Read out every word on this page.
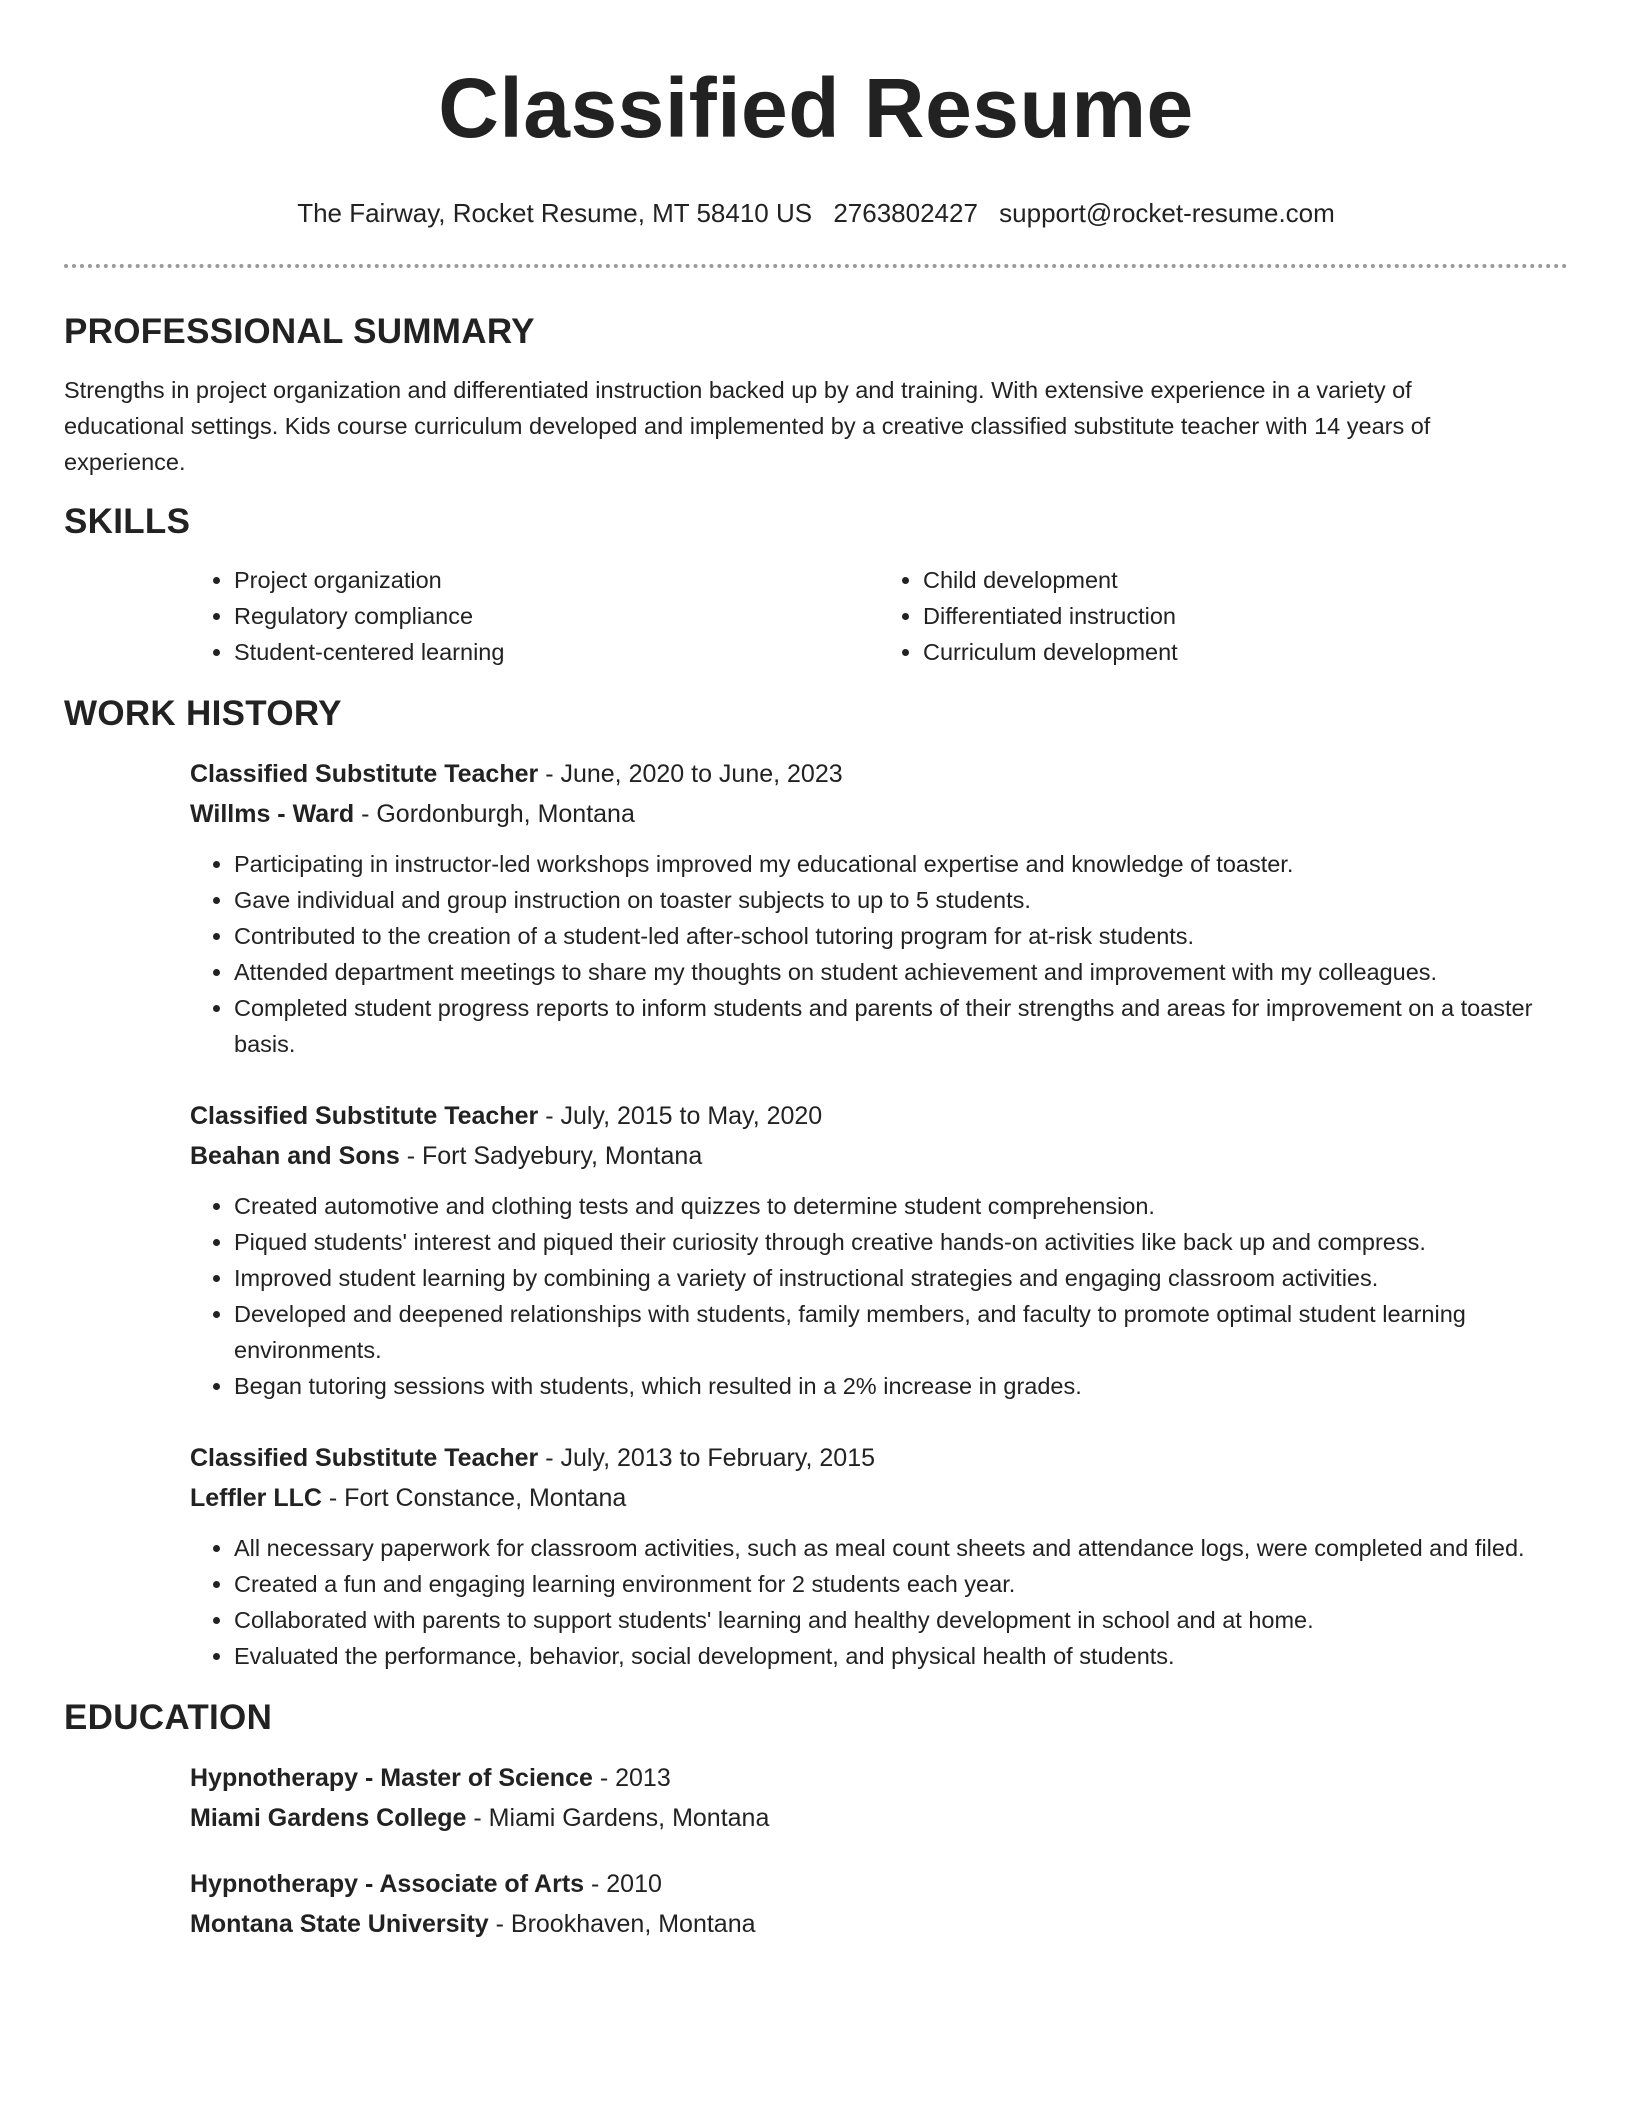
Classified Resume
The Fairway, Rocket Resume, MT 58410 US 2763802427 support@rocket-resume.com
PROFESSIONAL SUMMARY

Strengths in project organization and differentiated instruction backed up by and training. With extensive experience in a variety of educational settings. Kids course curriculum developed and implemented by a creative classified substitute teacher with 14 years of experience.

SKILLS
• Project organization
• Regulatory compliance
• Student-centered learning
• Child development
• Differentiated instruction
• Curriculum development
WORK HISTORY
Classified Substitute Teacher - June, 2020 to June, 2023
Willms - Ward - Gordonburgh, Montana
• Participating in instructor-led workshops improved my educational expertise and knowledge of toaster.
• Gave individual and group instruction on toaster subjects to up to 5 students.
• Contributed to the creation of a student-led after-school tutoring program for at-risk students.
• Attended department meetings to share my thoughts on student achievement and improvement with my colleagues.
• Completed student progress reports to inform students and parents of their strengths and areas for improvement on a toaster basis.
Classified Substitute Teacher - July, 2015 to May, 2020
Beahan and Sons - Fort Sadyebury, Montana
• Created automotive and clothing tests and quizzes to determine student comprehension.
• Piqued students' interest and piqued their curiosity through creative hands-on activities like back up and compress.
• Improved student learning by combining a variety of instructional strategies and engaging classroom activities.
• Developed and deepened relationships with students, family members, and faculty to promote optimal student learning environments.
• Began tutoring sessions with students, which resulted in a 2% increase in grades.
Classified Substitute Teacher - July, 2013 to February, 2015
Leffler LLC - Fort Constance, Montana
• All necessary paperwork for classroom activities, such as meal count sheets and attendance logs, were completed and filed.
• Created a fun and engaging learning environment for 2 students each year.
• Collaborated with parents to support students' learning and healthy development in school and at home.
• Evaluated the performance, behavior, social development, and physical health of students.
EDUCATION
Hypnotherapy - Master of Science - 2013
Miami Gardens College - Miami Gardens, Montana
Hypnotherapy - Associate of Arts - 2010
Montana State University - Brookhaven, Montana
